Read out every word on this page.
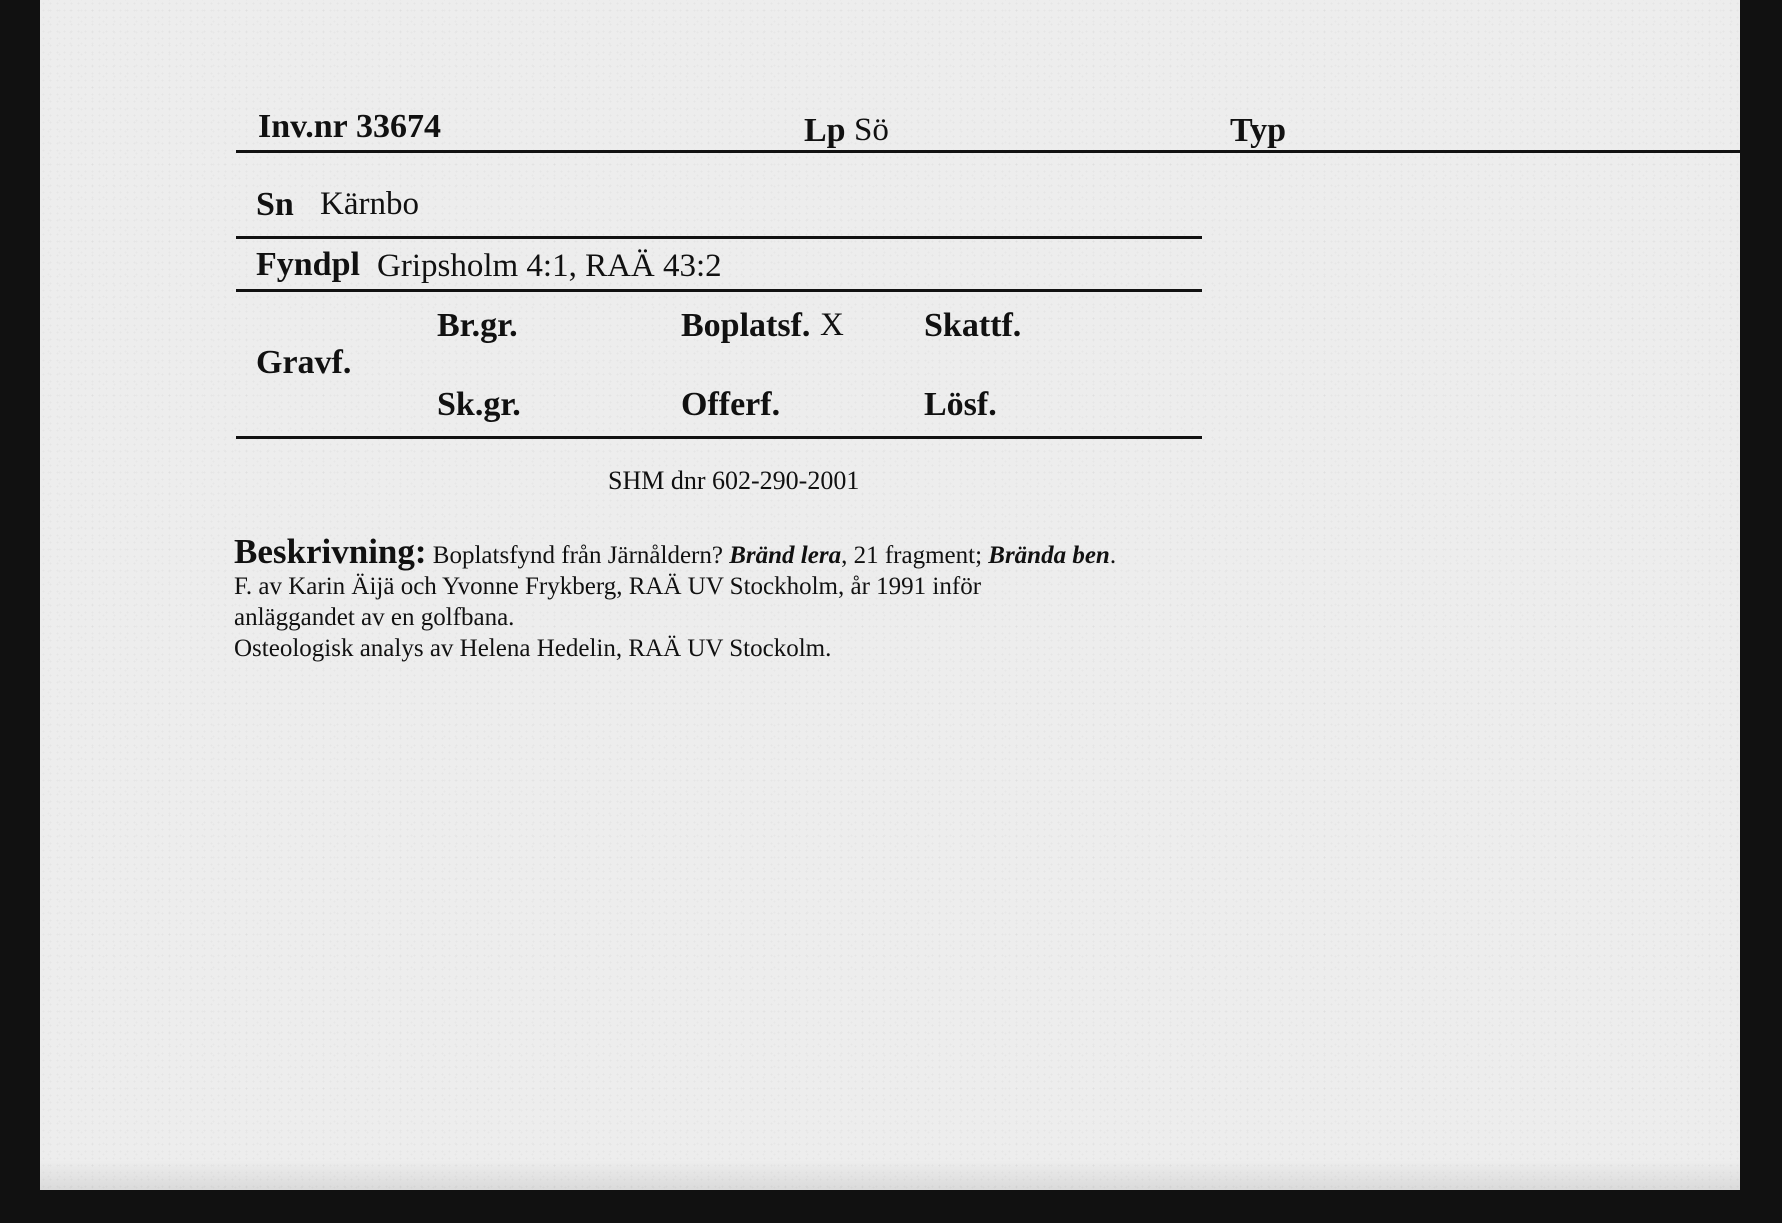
Inv.nr 33674	Lp Sö	Typ
Sn Kärnbo
Fyndpl Gripsholm 4:1, RAÄ 43:2
Gravf.
Br.gr.
Sk.gr.
Boplatsf. X
Offerf.
Skattf.
Lösf.
SHM dnr 602-290-2001

Beskrivning: Boplatsfynd från Järnåldern? Bränd lera, 21 fragment; Brända ben.

F. av Karin Äijä och Yvonne Frykberg, RAÄ UV Stockholm, år 1991 inför anläggandet av en golfbana.

Osteologisk analys av Helena Hedelin, RAÄ UV Stockolm.
